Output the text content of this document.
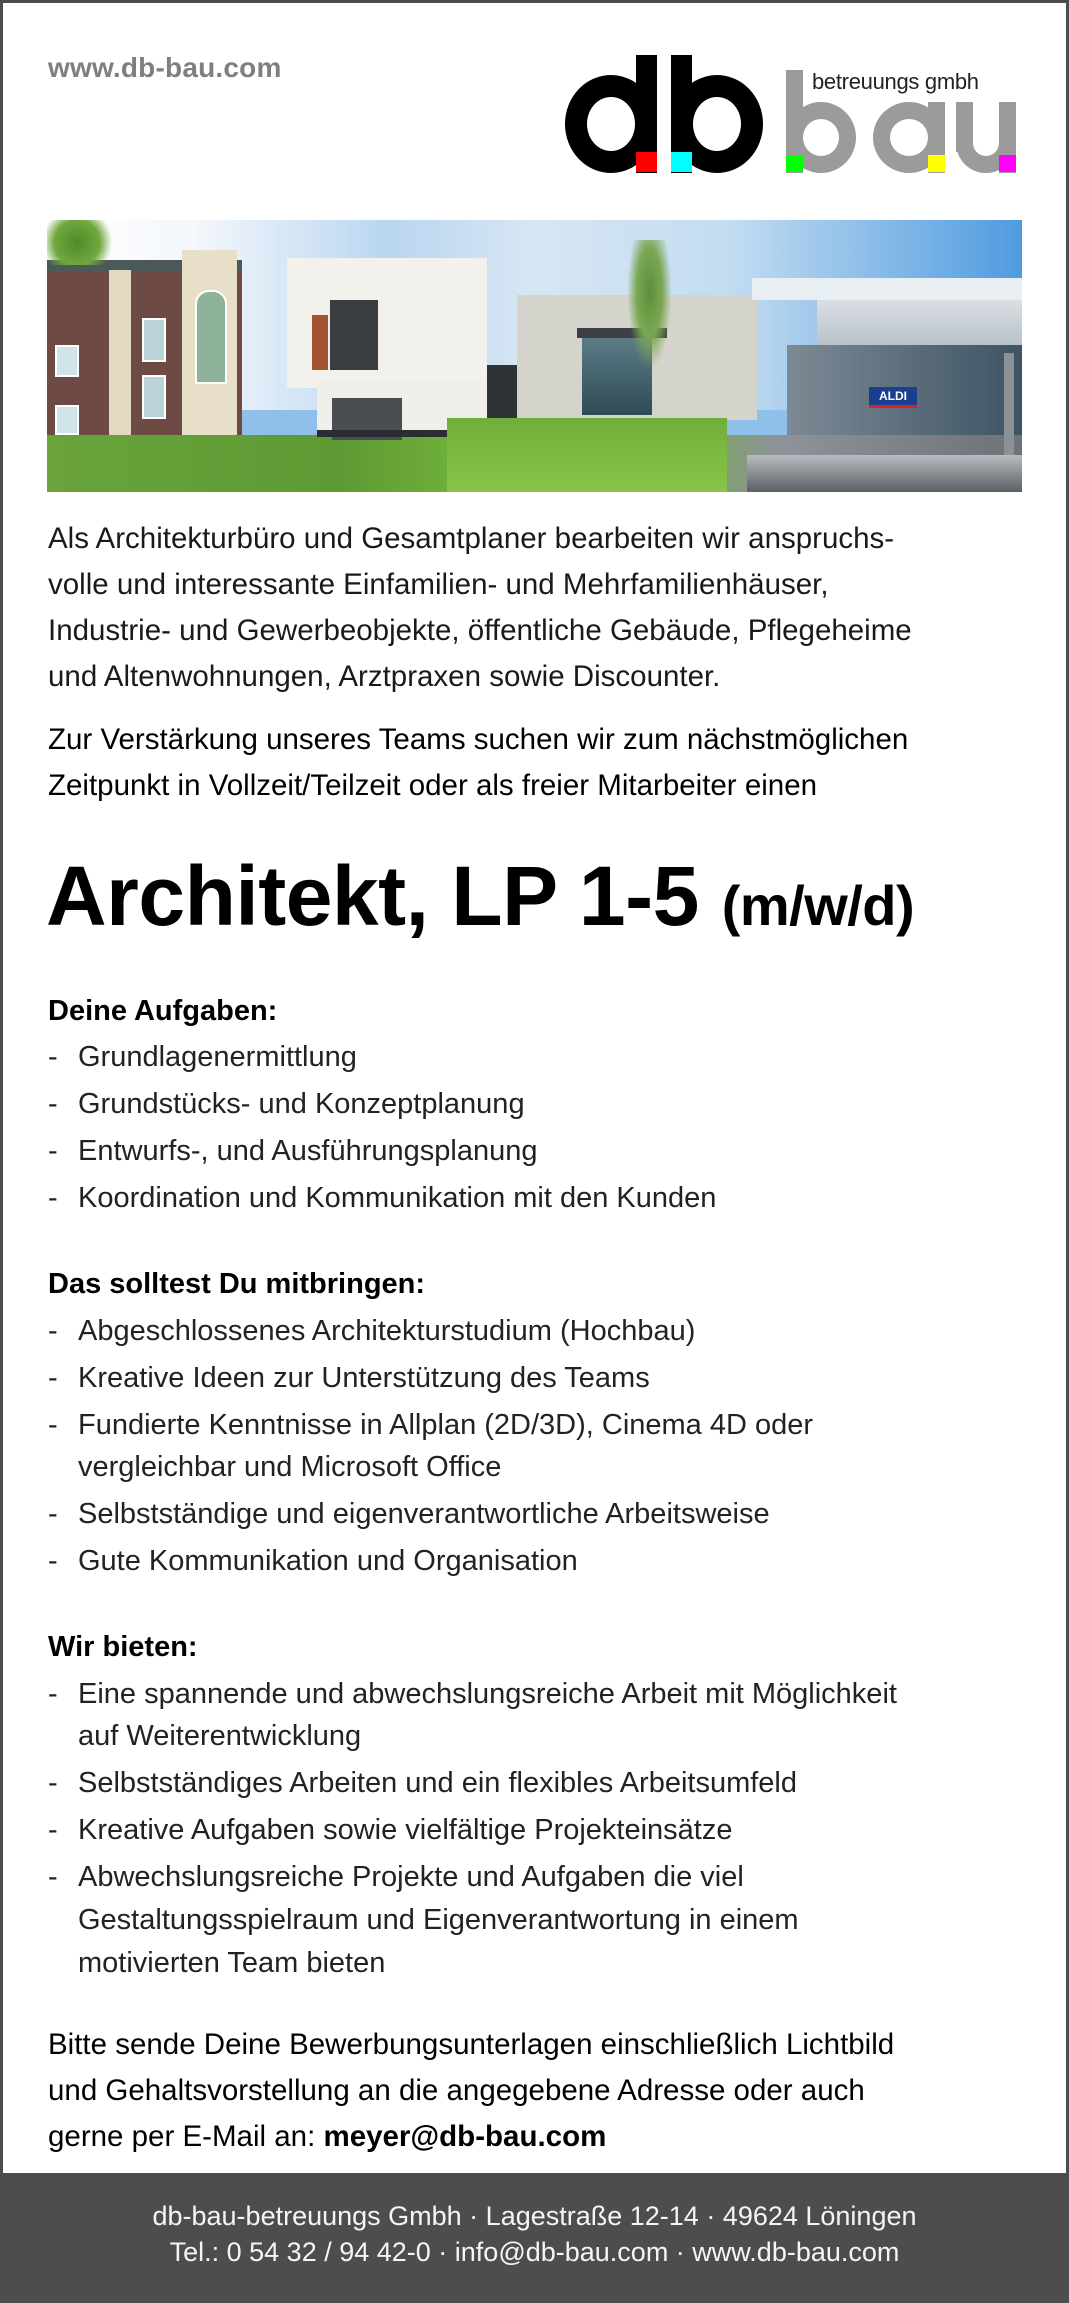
www.db-bau.com	betreuungs gmbh
ALDI
Als Architekturbüro und Gesamtplaner bearbeiten wir anspruchs-
volle und interessante Einfamilien- und Mehrfamilienhäuser,
Industrie- und Gewerbeobjekte, öffentliche Gebäude, Pflegeheime
und Altenwohnungen, Arztpraxen sowie Discounter.
Zur Verstärkung unseres Teams suchen wir zum nächstmöglichen
Zeitpunkt in Vollzeit/Teilzeit oder als freier Mitarbeiter einen
Architekt, LP 1-5 (m/w/d)
Deine Aufgaben:
- Grundlagenermittlung
- Grundstücks- und Konzeptplanung
- Entwurfs-, und Ausführungsplanung
- Koordination und Kommunikation mit den Kunden
Das solltest Du mitbringen:
- Abgeschlossenes Architekturstudium (Hochbau)
- Kreative Ideen zur Unterstützung des Teams
- Fundierte Kenntnisse in Allplan (2D/3D), Cinema 4D oder
vergleichbar und Microsoft Office
- Selbstständige und eigenverantwortliche Arbeitsweise
- Gute Kommunikation und Organisation
Wir bieten:
- Eine spannende und abwechslungsreiche Arbeit mit Möglichkeit
auf Weiterentwicklung
- Selbstständiges Arbeiten und ein flexibles Arbeitsumfeld
- Kreative Aufgaben sowie vielfältige Projekteinsätze
- Abwechslungsreiche Projekte und Aufgaben die viel
Gestaltungsspielraum und Eigenverantwortung in einem
motivierten Team bieten
Bitte sende Deine Bewerbungsunterlagen einschließlich Lichtbild
und Gehaltsvorstellung an die angegebene Adresse oder auch
gerne per E-Mail an: meyer@db-bau.com
db-bau-betreuungs Gmbh · Lagestraße 12-14 · 49624 Löningen
Tel.: 0 54 32 / 94 42-0 · info@db-bau.com · www.db-bau.com
